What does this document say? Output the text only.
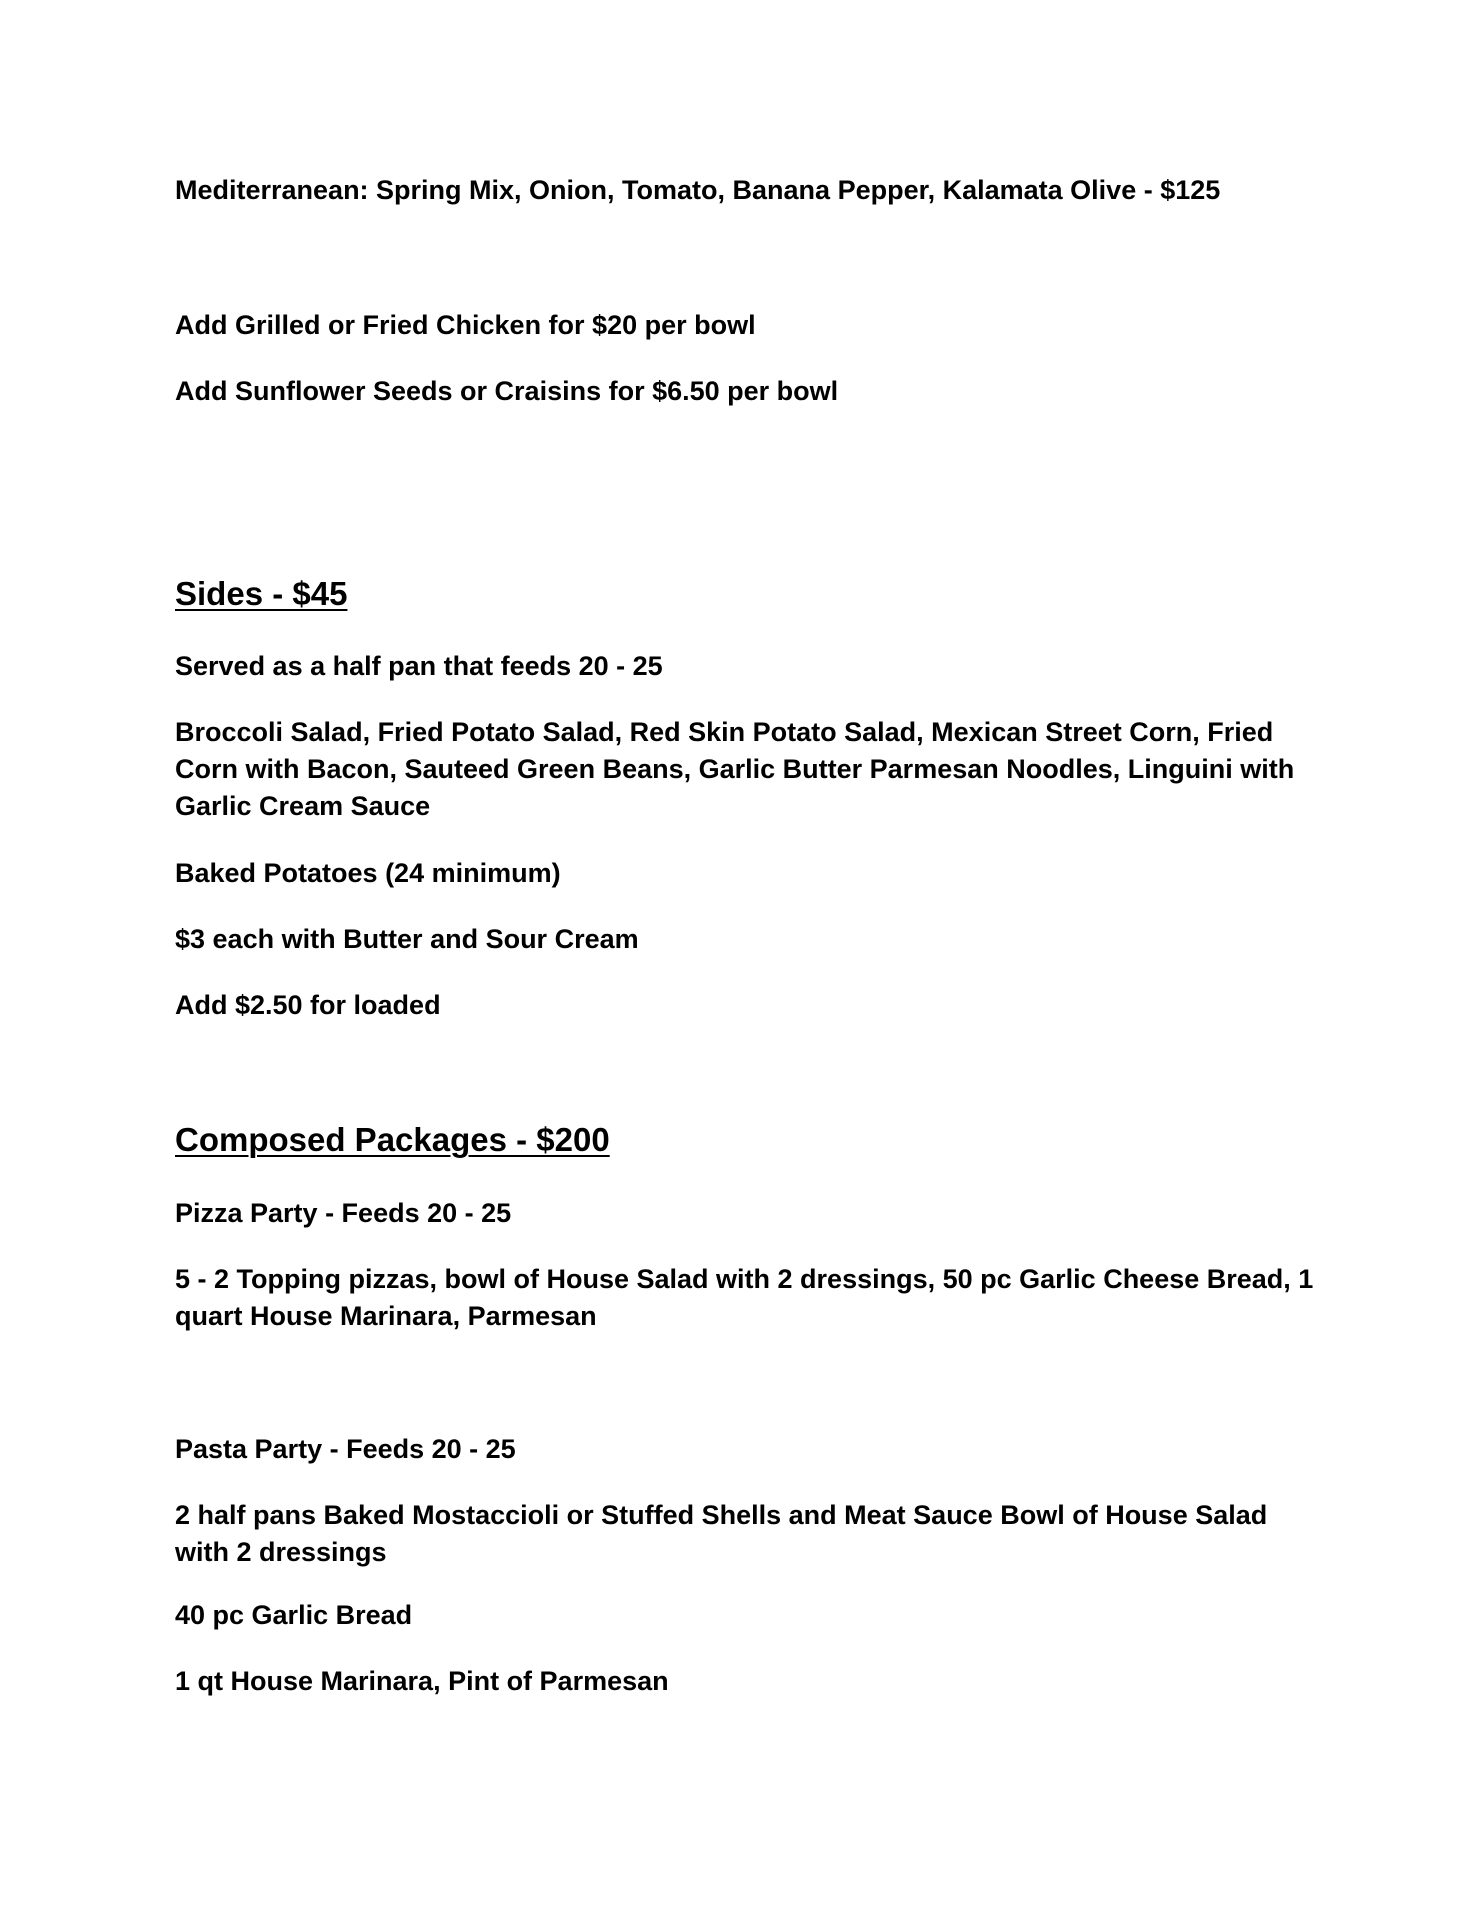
Mediterranean: Spring Mix, Onion, Tomato, Banana Pepper, Kalamata Olive - $125

Add Grilled or Fried Chicken for $20 per bowl

Add Sunflower Seeds or Craisins for $6.50 per bowl

Sides - $45

Served as a half pan that feeds 20 - 25

Broccoli Salad, Fried Potato Salad, Red Skin Potato Salad, Mexican Street Corn, Fried Corn with Bacon, Sauteed Green Beans, Garlic Butter Parmesan Noodles, Linguini with Garlic Cream Sauce

Baked Potatoes (24 minimum)

$3 each with Butter and Sour Cream

Add $2.50 for loaded

Composed Packages - $200

Pizza Party - Feeds 20 - 25

5 - 2 Topping pizzas, bowl of House Salad with 2 dressings, 50 pc Garlic Cheese Bread, 1 quart House Marinara, Parmesan

Pasta Party - Feeds 20 - 25

2 half pans Baked Mostaccioli or Stuffed Shells and Meat Sauce Bowl of House Salad with 2 dressings

40 pc Garlic Bread

1 qt House Marinara, Pint of Parmesan
